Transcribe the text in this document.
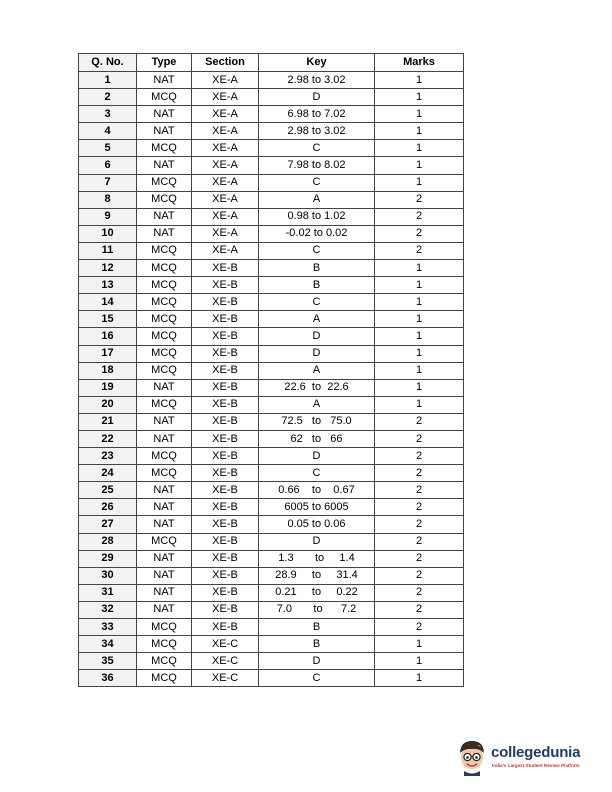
Q. No.	Type	Section	Key	Marks
1	NAT	XE-A	2.98 to 3.02	1
2	MCQ	XE-A	D	1
3	NAT	XE-A	6.98 to 7.02	1
4	NAT	XE-A	2.98 to 3.02	1
5	MCQ	XE-A	C	1
6	NAT	XE-A	7.98 to 8.02	1
7	MCQ	XE-A	C	1
8	MCQ	XE-A	A	2
9	NAT	XE-A	0.98 to 1.02	2
10	NAT	XE-A	-0.02 to 0.02	2
11	MCQ	XE-A	C	2
12	MCQ	XE-B	B	1
13	MCQ	XE-B	B	1
14	MCQ	XE-B	C	1
15	MCQ	XE-B	A	1
16	MCQ	XE-B	D	1
17	MCQ	XE-B	D	1
18	MCQ	XE-B	A	1
19	NAT	XE-B	22.6  to  22.6	1
20	MCQ	XE-B	A	1
21	NAT	XE-B	72.5   to   75.0	2
22	NAT	XE-B	62   to   66	2
23	MCQ	XE-B	D	2
24	MCQ	XE-B	C	2
25	NAT	XE-B	0.66    to    0.67	2
26	NAT	XE-B	6005 to 6005	2
27	NAT	XE-B	0.05 to 0.06	2
28	MCQ	XE-B	D	2
29	NAT	XE-B	1.3       to     1.4	2
30	NAT	XE-B	28.9     to     31.4	2
31	NAT	XE-B	0.21     to     0.22	2
32	NAT	XE-B	7.0       to      7.2	2
33	MCQ	XE-B	B	2
34	MCQ	XE-C	B	1
35	MCQ	XE-C	D	1
36	MCQ	XE-C	C	1
collegedunia
India's Largest Student Review Platform
